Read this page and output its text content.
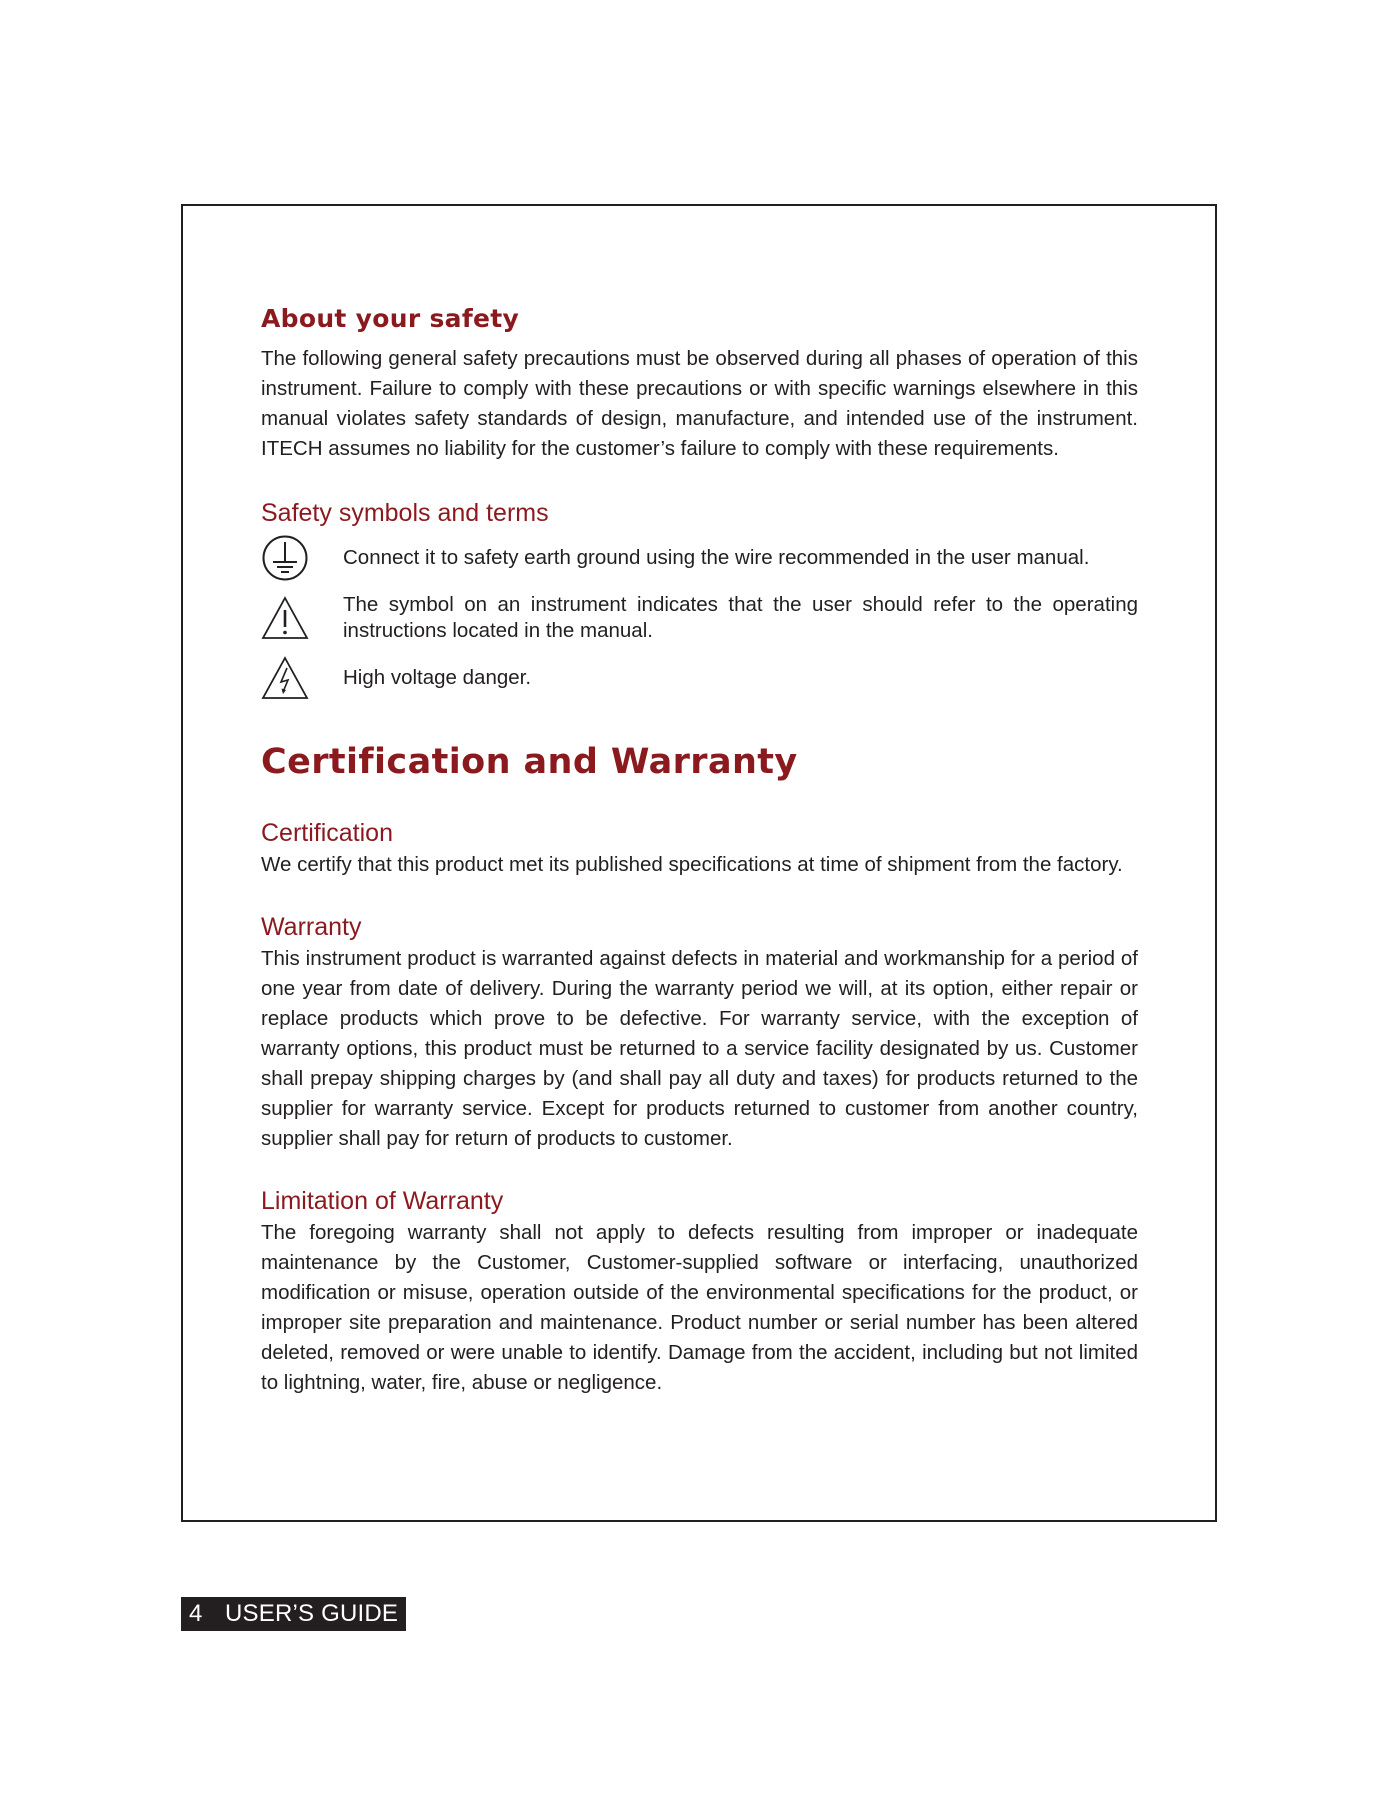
About your safety

The following general safety precautions must be observed during all phases of operation of this instrument. Failure to comply with these precautions or with specific warnings elsewhere in this manual violates safety standards of design, manufacture, and intended use of the instrument. ITECH assumes no liability for the customer’s failure to comply with these requirements.

Safety symbols and terms
Connect it to safety earth ground using the wire recommended in the user manual.
The symbol on an instrument indicates that the user should refer to the operating instructions located in the manual.
High voltage danger.
Certification and Warranty
Certification

We certify that this product met its published specifications at time of shipment from the factory.

Warranty

This instrument product is warranted against defects in material and workmanship for a period of one year from date of delivery. During the warranty period we will, at its option, either repair or replace products which prove to be defective. For warranty service, with the exception of warranty options, this product must be returned to a service facility designated by us. Customer shall prepay shipping charges by (and shall pay all duty and taxes) for products returned to the supplier for warranty service. Except for products returned to customer from another country, supplier shall pay for return of products to customer.

Limitation of Warranty

The foregoing warranty shall not apply to defects resulting from improper or inadequate maintenance by the Customer, Customer-supplied software or interfacing, unauthorized modification or misuse, operation outside of the environmental specifications for the product, or improper site preparation and maintenance. Product number or serial number has been altered deleted, removed or were unable to identify. Damage from the accident, including but not limited to lightning, water, fire, abuse or negligence.

4 USER’S GUIDE
